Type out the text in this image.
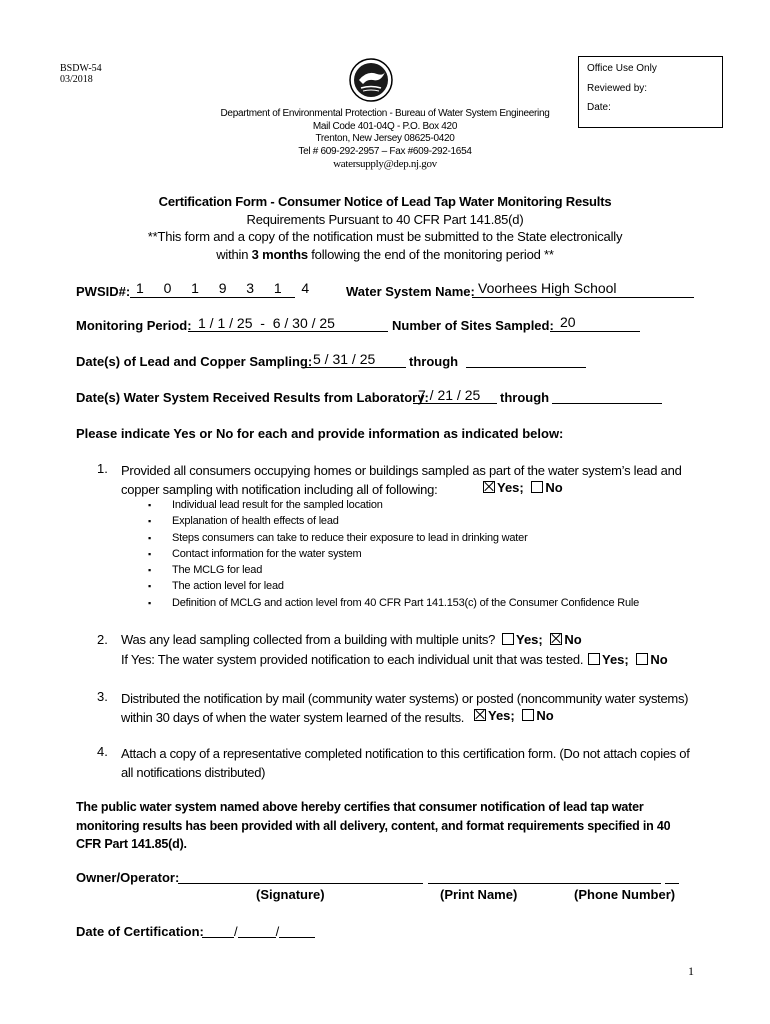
BSDW-54
03/2018
Department of Environmental Protection - Bureau of Water System Engineering
Mail Code 401-04Q - P.O. Box 420
Trenton, New Jersey 08625-0420
Tel # 609-292-2957 – Fax #609-292-1654
watersupply@dep.nj.gov
Office Use Only
Reviewed by:
Date:
Certification Form - Consumer Notice of Lead Tap Water Monitoring Results
Requirements Pursuant to 40 CFR Part 141.85(d)
**This form and a copy of the notification must be submitted to the State electronically
within 3 months following the end of the monitoring period **
PWSID#: 1  0  1  9  3  1  4	Water System Name: Voorhees High School
Monitoring Period: 1 / 1 / 25  -  6 / 30 / 25	Number of Sites Sampled: 20
Date(s) of Lead and Copper Sampling: 5 / 31 / 25	through
Date(s) Water System Received Results from Laboratory:
7 / 21 / 25 through
Please indicate Yes or No for each and provide information as indicated below:
1. Provided all consumers occupying homes or buildings sampled as part of the water system’s lead and
copper sampling with notification including all of following:	Yes; No
▪ Individual lead result for the sampled location
▪ Explanation of health effects of lead
▪ Steps consumers can take to reduce their exposure to lead in drinking water
▪ Contact information for the water system
▪ The MCLG for lead
▪ The action level for lead
▪ Definition of MCLG and action level from 40 CFR Part 141.153(c) of the Consumer Confidence Rule
2. Was any lead sampling collected from a building with multiple units?	Yes; No
If Yes: The water system provided notification to each individual unit that was tested.	Yes; No
3. Distributed the notification by mail (community water systems) or posted (noncommunity water systems)
within 30 days of when the water system learned of the results.	Yes; No
4. Attach a copy of a representative completed notification to this certification form. (Do not attach copies of
all notifications distributed)
The public water system named above hereby certifies that consumer notification of lead tap water
monitoring results has been provided with all delivery, content, and format requirements specified in 40
CFR Part 141.85(d).
Owner/Operator:
(Signature)	(Print Name)	(Phone Number)
Date of Certification:	/	/
1
